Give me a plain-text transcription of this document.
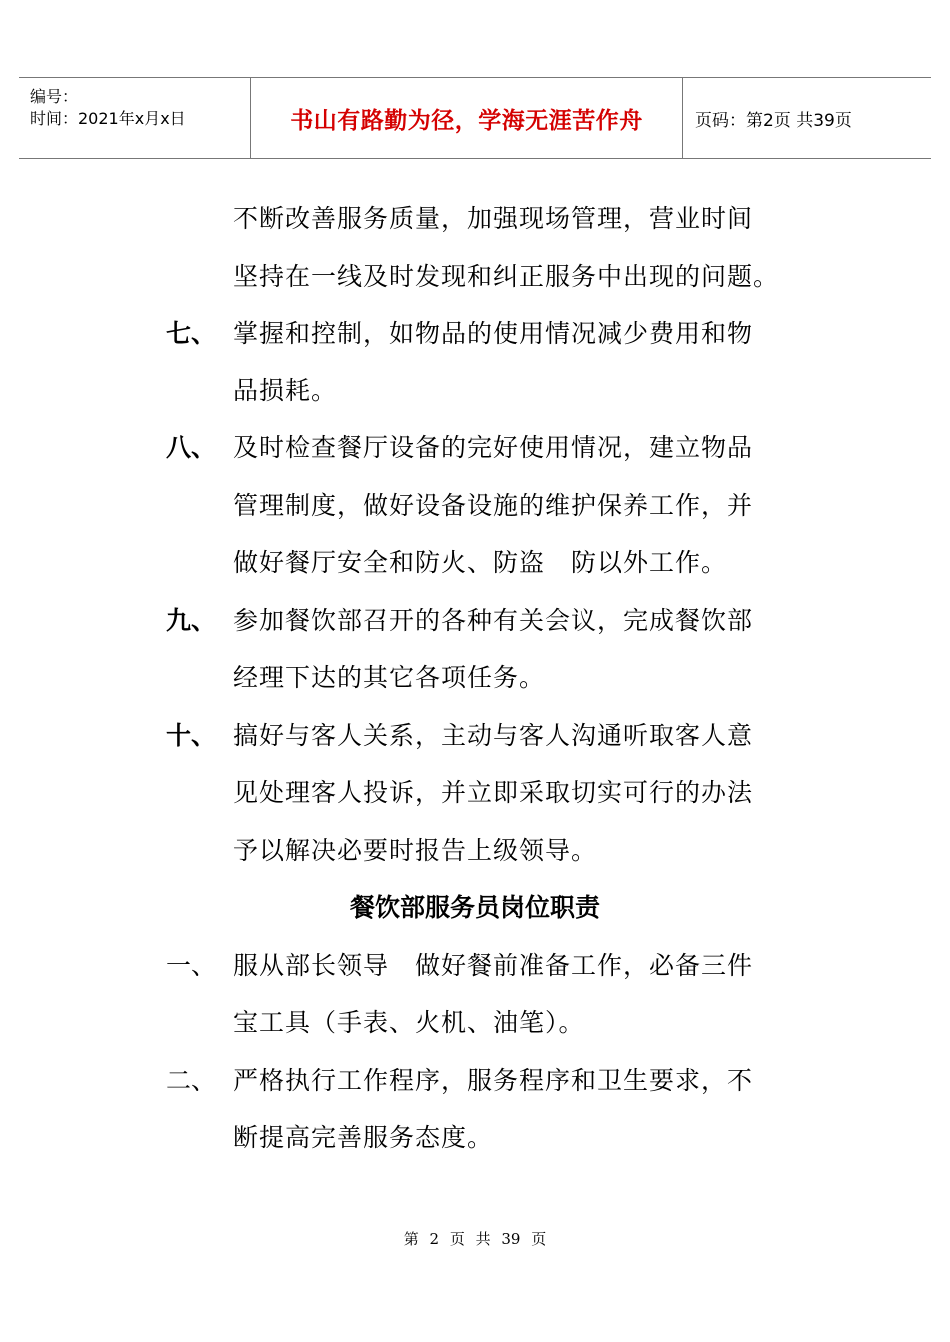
编号：
时间：2021年x月x日	书山有路勤为径，学海无涯苦作舟	页码：第2页 共39页
不断改善服务质量，加强现场管理，营业时间
坚持在一线及时发现和纠正服务中出现的问题。
七、 掌握和控制，如物品的使用情况减少费用和物
品损耗。
八、 及时检查餐厅设备的完好使用情况，建立物品
管理制度，做好设备设施的维护保养工作，并
做好餐厅安全和防火、防盗　防以外工作。
九、 参加餐饮部召开的各种有关会议，完成餐饮部
经理下达的其它各项任务。
十、 搞好与客人关系，主动与客人沟通听取客人意
见处理客人投诉，并立即采取切实可行的办法
予以解决必要时报告上级领导。
餐饮部服务员岗位职责
一、 服从部长领导　做好餐前准备工作，必备三件
宝工具（手表、火机、油笔）。
二、 严格执行工作程序，服务程序和卫生要求，不
断提高完善服务态度。
第 2 页 共 39 页
